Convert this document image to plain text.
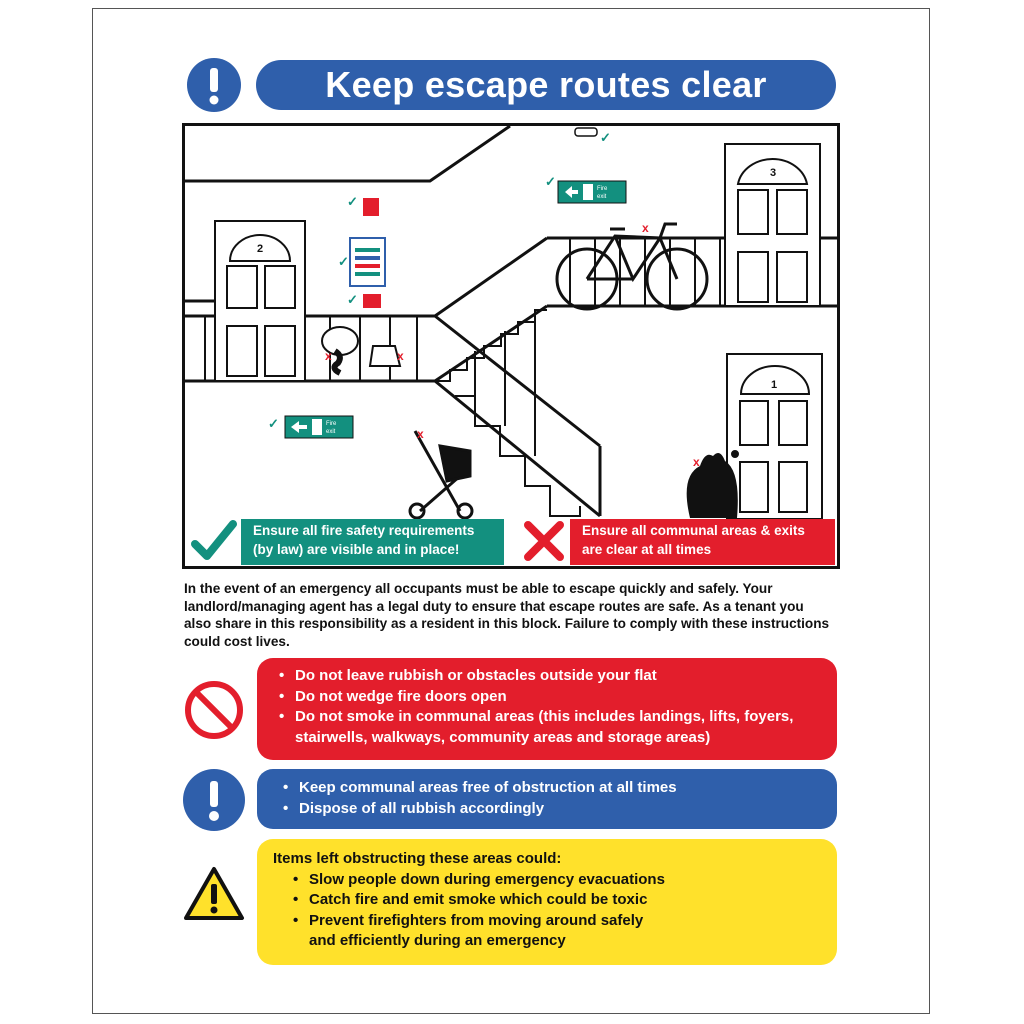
Keep escape routes clear
Fire
exit
Fire
exit
✓
✓
✓
✓
✓
✓
x
x	x
x
x
2
3
1
Ensure all fire safety requirements (by law) are visible and in place!
Ensure all communal areas & exits are clear at all times

In the event of an emergency all occupants must be able to escape quickly and safely. Your landlord/managing agent has a legal duty to ensure that escape routes are safe. As a tenant you also share in this responsibility as a resident in this block. Failure to comply with these instructions could cost lives.

• Do not leave rubbish or obstacles outside your flat
• Do not wedge fire doors open
• Do not smoke in communal areas (this includes landings, lifts, foyers, stairwells, walkways, community areas and storage areas)
• Keep communal areas free of obstruction at all times
• Dispose of all rubbish accordingly
Items left obstructing these areas could:
• Slow people down during emergency evacuations
• Catch fire and emit smoke which could be toxic
• Prevent firefighters from moving around safely and efficiently during an emergency
